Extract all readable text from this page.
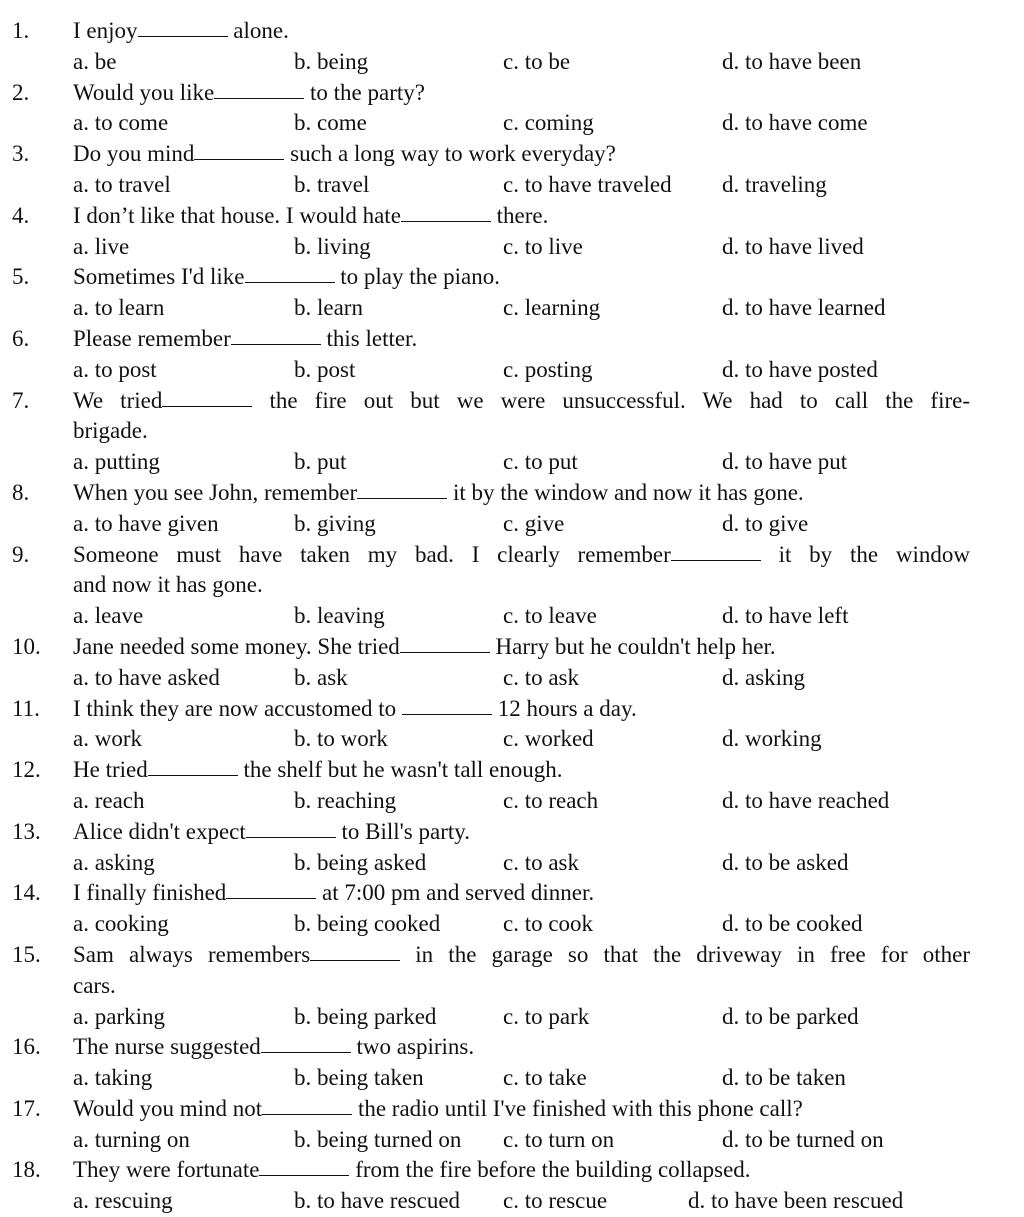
1. I enjoy	alone.
a. be	b. being	c. to be	d. to have been
2. Would you like	to the party?
a. to come	b. come	c. coming	d. to have come
3. Do you mind	such a long way to work everyday?
a. to travel	b. travel	c. to have traveled d. traveling
4. I don’t like that house. I would hate	there.
a. live	b. living	c. to live	d. to have lived
5. Sometimes I'd like	to play the piano.
a. to learn	b. learn	c. learning	d. to have learned
6. Please remember	this letter.
a. to post	b. post	c. posting	d. to have posted
7. We tried	the fire out but we were unsuccessful. We had to call the fire-
brigade.
a. putting	b. put	c. to put	d. to have put
8. When you see John, remember	it by the window and now it has gone.
a. to have given	b. giving	c. give	d. to give
9. Someone must have taken my bad. I clearly remember	it by the window
and now it has gone.
a. leave	b. leaving	c. to leave	d. to have left
10. Jane needed some money. She tried	Harry but he couldn't help her.
a. to have asked	b. ask	c. to ask	d. asking
11. I think they are now accustomed to	12 hours a day.
a. work	b. to work	c. worked	d. working
12. He tried	the shelf but he wasn't tall enough.
a. reach	b. reaching	c. to reach	d. to have reached
13. Alice didn't expect	to Bill's party.
a. asking	b. being asked	c. to ask	d. to be asked
14. I finally finished	at 7:00 pm and served dinner.
a. cooking	b. being cooked	c. to cook	d. to be cooked
15. Sam always remembers	in the garage so that the driveway in free for other
cars.
a. parking	b. being parked	c. to park	d. to be parked
16. The nurse suggested	two aspirins.
a. taking	b. being taken	c. to take	d. to be taken
17. Would you mind not	the radio until I've finished with this phone call?
a. turning on	b. being turned on c. to turn on	d. to be turned on
18. They were fortunate	from the fire before the building collapsed.
a. rescuing	b. to have rescued c. to rescue	d. to have been rescued
